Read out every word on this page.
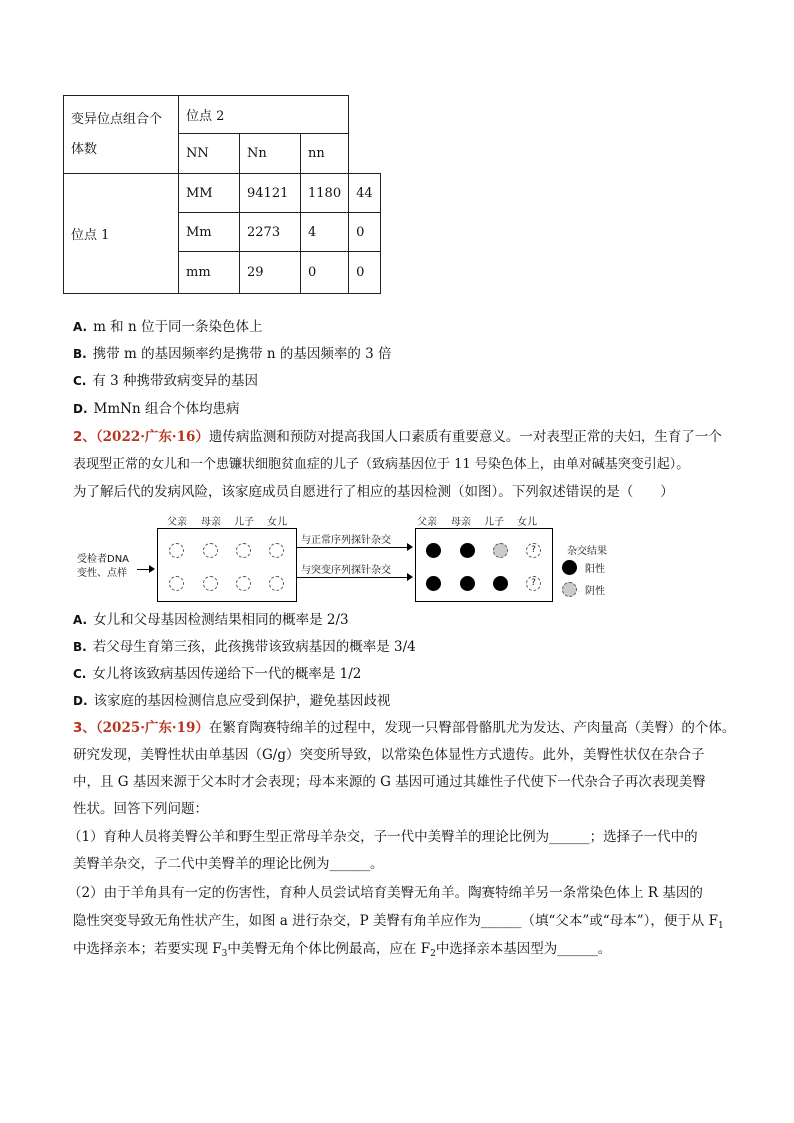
变异位点组合个体数	位点 2			
	NN	Nn	nn	
位点 1	MM	94121	1180	44
	Mm	2273	4	0
	mm	29	0	0
A. m 和 n 位于同一条染色体上
B. 携带 m 的基因频率约是携带 n 的基因频率的 3 倍
C. 有 3 种携带致病变异的基因
D. MmNn 组合个体均患病
2、（2022·广东·16）遗传病监测和预防对提高我国人口素质有重要意义。一对表型正常的夫妇，生育了一个
表现型正常的女儿和一个患镰状细胞贫血症的儿子（致病基因位于 11 号染色体上，由单对碱基突变引起）。
为了解后代的发病风险，该家庭成员自愿进行了相应的基因检测（如图）。下列叙述错误的是（　　）
受检者DNA
变性、点样
父亲 母亲 儿子 女儿
与正常序列探针杂交
与突变序列探针杂交
父亲 母亲 儿子 女儿
?
?
杂交结果
阳性
阴性
A. 女儿和父母基因检测结果相同的概率是 2/3
B. 若父母生育第三孩，此孩携带该致病基因的概率是 3/4
C. 女儿将该致病基因传递给下一代的概率是 1/2
D. 该家庭的基因检测信息应受到保护，避免基因歧视
3、（2025·广东·19）在繁育陶赛特绵羊的过程中，发现一只臀部骨骼肌尤为发达、产肉量高（美臀）的个体。
研究发现，美臀性状由单基因（G/g）突变所导致，以常染色体显性方式遗传。此外，美臀性状仅在杂合子
中，且 G 基因来源于父本时才会表现；母本来源的 G 基因可通过其雄性子代使下一代杂合子再次表现美臀
性状。回答下列问题：
（1）育种人员将美臀公羊和野生型正常母羊杂交，子一代中美臀羊的理论比例为______；选择子一代中的
美臀羊杂交，子二代中美臀羊的理论比例为______。
（2）由于羊角具有一定的伤害性，育种人员尝试培育美臀无角羊。陶赛特绵羊另一条常染色体上 R 基因的
隐性突变导致无角性状产生，如图 a 进行杂交，P 美臀有角羊应作为______（填“父本”或“母本”），便于从 $F_1$
中选择亲本；若要实现 $F_3$中美臀无角个体比例最高，应在 $F_2$中选择亲本基因型为______。
